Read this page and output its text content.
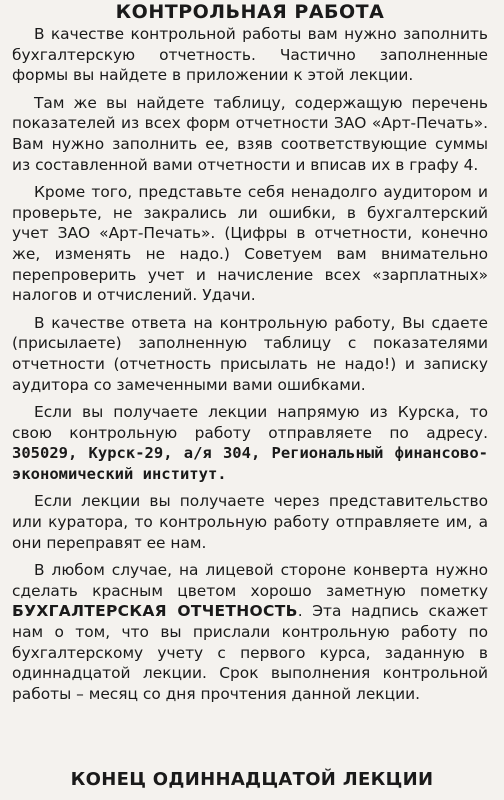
КОНТРОЛЬНАЯ РАБОТА

В качестве контрольной работы вам нужно заполнить бухгалтерскую отчетность. Частично заполненные формы вы найдете в приложении к этой лекции.

Там же вы найдете таблицу, содержащую перечень показателей из всех форм отчетности ЗАО «Арт-Печать». Вам нужно заполнить ее, взяв соответствующие суммы из составленной вами отчетности и вписав их в графу 4.

Кроме того, представьте себя ненадолго аудитором и проверьте, не закрались ли ошибки, в бухгалтерский учет ЗАО «Арт-Печать». (Цифры в отчетности, конечно же, изменять не надо.) Советуем вам внимательно перепроверить учет и начисление всех «зарплатных» налогов и отчислений. Удачи.

В качестве ответа на контрольную работу, Вы сдаете (присылаете) заполненную таблицу с показателями отчетности (отчетность присылать не надо!) и записку аудитора со замеченными вами ошибками.

Если вы получаете лекции напрямую из Курска, то свою контрольную работу отправляете по адресу. 305029, Курск-29, а/я 304, Региональный финансово-экономический институт.

Если лекции вы получаете через представительство или куратора, то контрольную работу отправляете им, а они переправят ее нам.

В любом случае, на лицевой стороне конверта нужно сделать красным цветом хорошо заметную пометку БУХГАЛТЕРСКАЯ ОТЧЕТНОСТЬ. Эта надпись скажет нам о том, что вы прислали контрольную работу по бухгалтерскому учету с первого курса, заданную в одиннадцатой лекции. Срок выполнения контрольной работы – месяц со дня прочтения данной лекции.

КОНЕЦ ОДИННАДЦАТОЙ ЛЕКЦИИ
